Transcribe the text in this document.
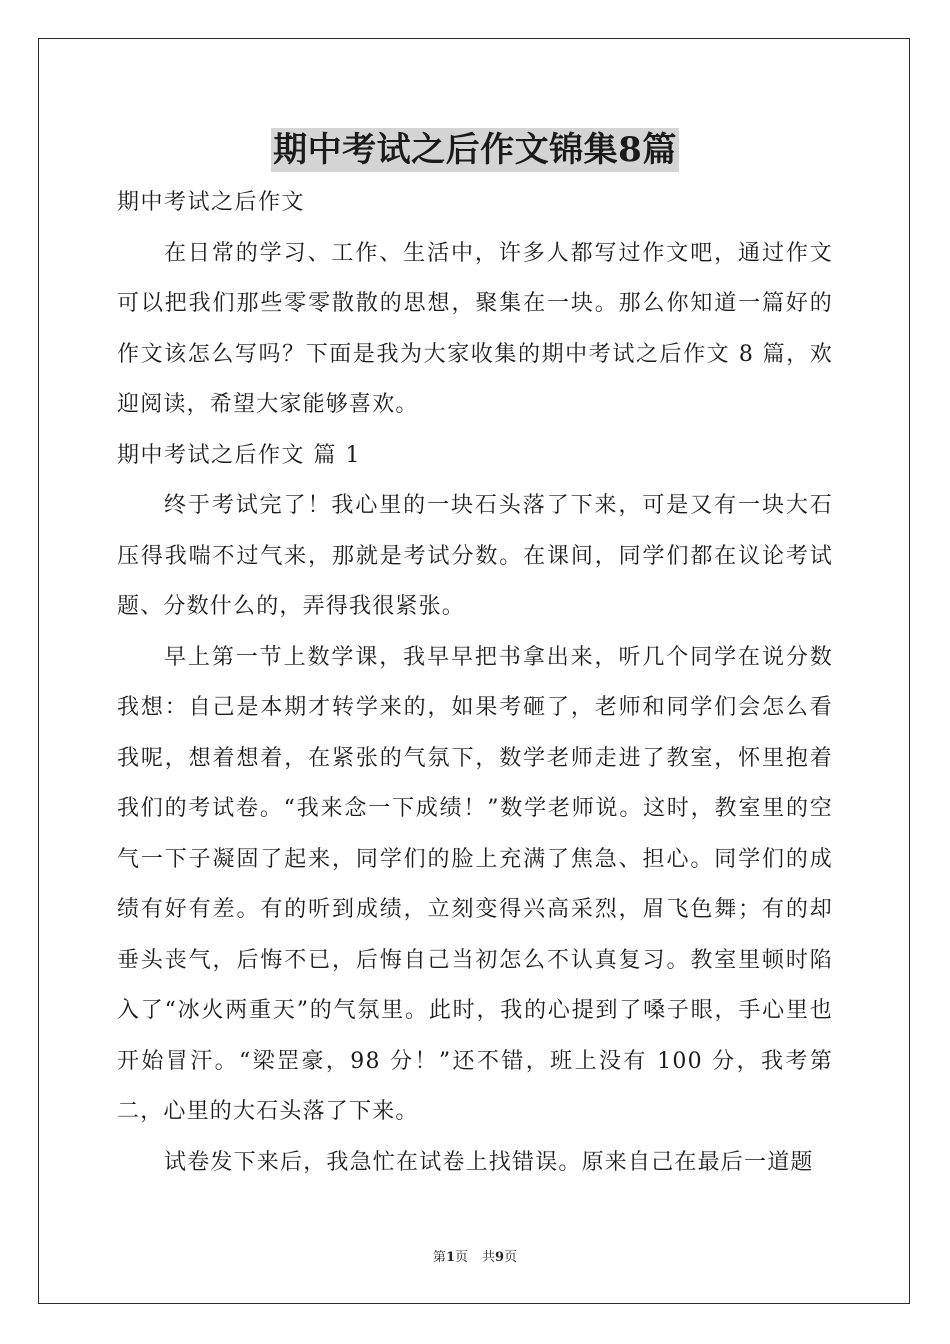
期中考试之后作文锦集8篇

期中考试之后作文

在日常的学习、工作、生活中，许多人都写过作文吧，通过作文可以把我们那些零零散散的思想，聚集在一块。那么你知道一篇好的作文该怎么写吗？下面是我为大家收集的期中考试之后作文 8 篇，欢迎阅读，希望大家能够喜欢。

期中考试之后作文 篇 1

终于考试完了！我心里的一块石头落了下来，可是又有一块大石压得我喘不过气来，那就是考试分数。在课间，同学们都在议论考试题、分数什么的，弄得我很紧张。

早上第一节上数学课，我早早把书拿出来，听几个同学在说分数我想：自己是本期才转学来的，如果考砸了，老师和同学们会怎么看我呢，想着想着，在紧张的气氛下，数学老师走进了教室，怀里抱着我们的考试卷。“我来念一下成绩！”数学老师说。这时，教室里的空气一下子凝固了起来，同学们的脸上充满了焦急、担心。同学们的成绩有好有差。有的听到成绩，立刻变得兴高采烈，眉飞色舞；有的却垂头丧气，后悔不已，后悔自己当初怎么不认真复习。教室里顿时陷入了“冰火两重天”的气氛里。此时，我的心提到了嗓子眼，手心里也开始冒汗。“梁罡豪，98 分！”还不错，班上没有 100 分，我考第二，心里的大石头落了下来。

试卷发下来后，我急忙在试卷上找错误。原来自己在最后一道题

第1页 共9页
